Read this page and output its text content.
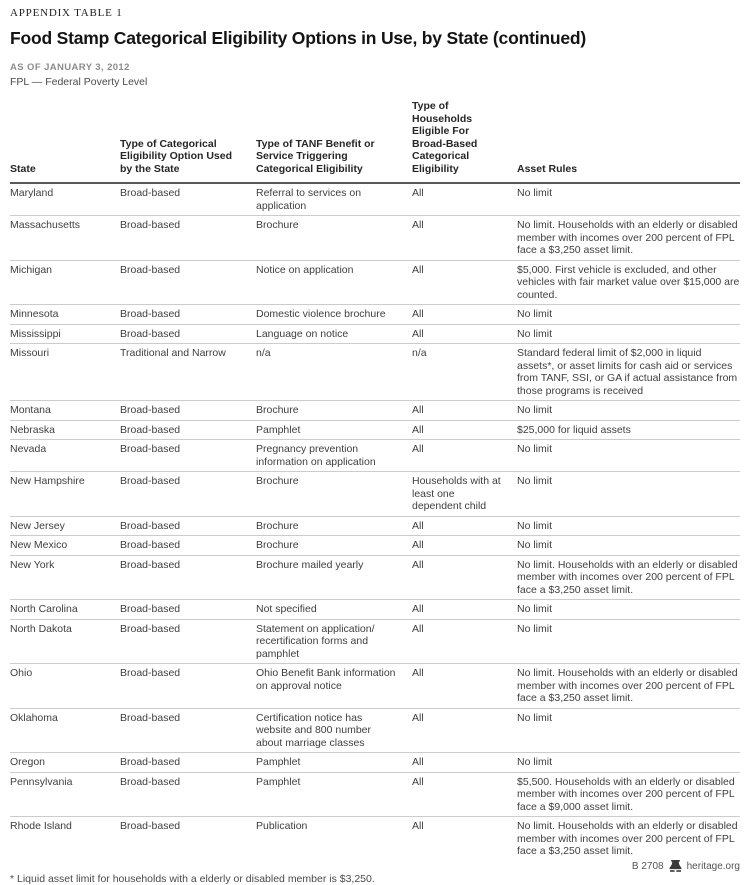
APPENDIX TABLE 1
Food Stamp Categorical Eligibility Options in Use, by State (continued)
AS OF JANUARY 3, 2012
FPL — Federal Poverty Level
State	Type of Categorical Eligibility Option Used by the State	Type of TANF Benefit or Service Triggering Categorical Eligibility	Type of Households Eligible For Broad-Based Categorical Eligibility	Asset Rules
Maryland	Broad-based	Referral to services on application	All	No limit
Massachusetts	Broad-based	Brochure	All	No limit. Households with an elderly or disabled member with incomes over 200 percent of FPL face a $3,250 asset limit.
Michigan	Broad-based	Notice on application	All	$5,000. First vehicle is excluded, and other vehicles with fair market value over $15,000 are counted.
Minnesota	Broad-based	Domestic violence brochure	All	No limit
Mississippi	Broad-based	Language on notice	All	No limit
Missouri	Traditional and Narrow	n/a	n/a	Standard federal limit of $2,000 in liquid assets*, or asset limits for cash aid or services from TANF, SSI, or GA if actual assistance from those programs is received
Montana	Broad-based	Brochure	All	No limit
Nebraska	Broad-based	Pamphlet	All	$25,000 for liquid assets
Nevada	Broad-based	Pregnancy prevention information on application	All	No limit
New Hampshire	Broad-based	Brochure	Households with at least one dependent child	No limit
New Jersey	Broad-based	Brochure	All	No limit
New Mexico	Broad-based	Brochure	All	No limit
New York	Broad-based	Brochure mailed yearly	All	No limit. Households with an elderly or disabled member with incomes over 200 percent of FPL face a $3,250 asset limit.
North Carolina	Broad-based	Not specified	All	No limit
North Dakota	Broad-based	Statement on application/ recertification forms and pamphlet	All	No limit
Ohio	Broad-based	Ohio Benefit Bank information on approval notice	All	No limit. Households with an elderly or disabled member with incomes over 200 percent of FPL face a $3,250 asset limit.
Oklahoma	Broad-based	Certification notice has website and 800 number about marriage classes	All	No limit
Oregon	Broad-based	Pamphlet	All	No limit
Pennsylvania	Broad-based	Pamphlet	All	$5,500. Households with an elderly or disabled member with incomes over 200 percent of FPL face a $9,000 asset limit.
Rhode Island	Broad-based	Publication	All	No limit. Households with an elderly or disabled member with incomes over 200 percent of FPL face a $3,250 asset limit.
* Liquid asset limit for households with a elderly or disabled member is $3,250.
B 2708 heritage.org
